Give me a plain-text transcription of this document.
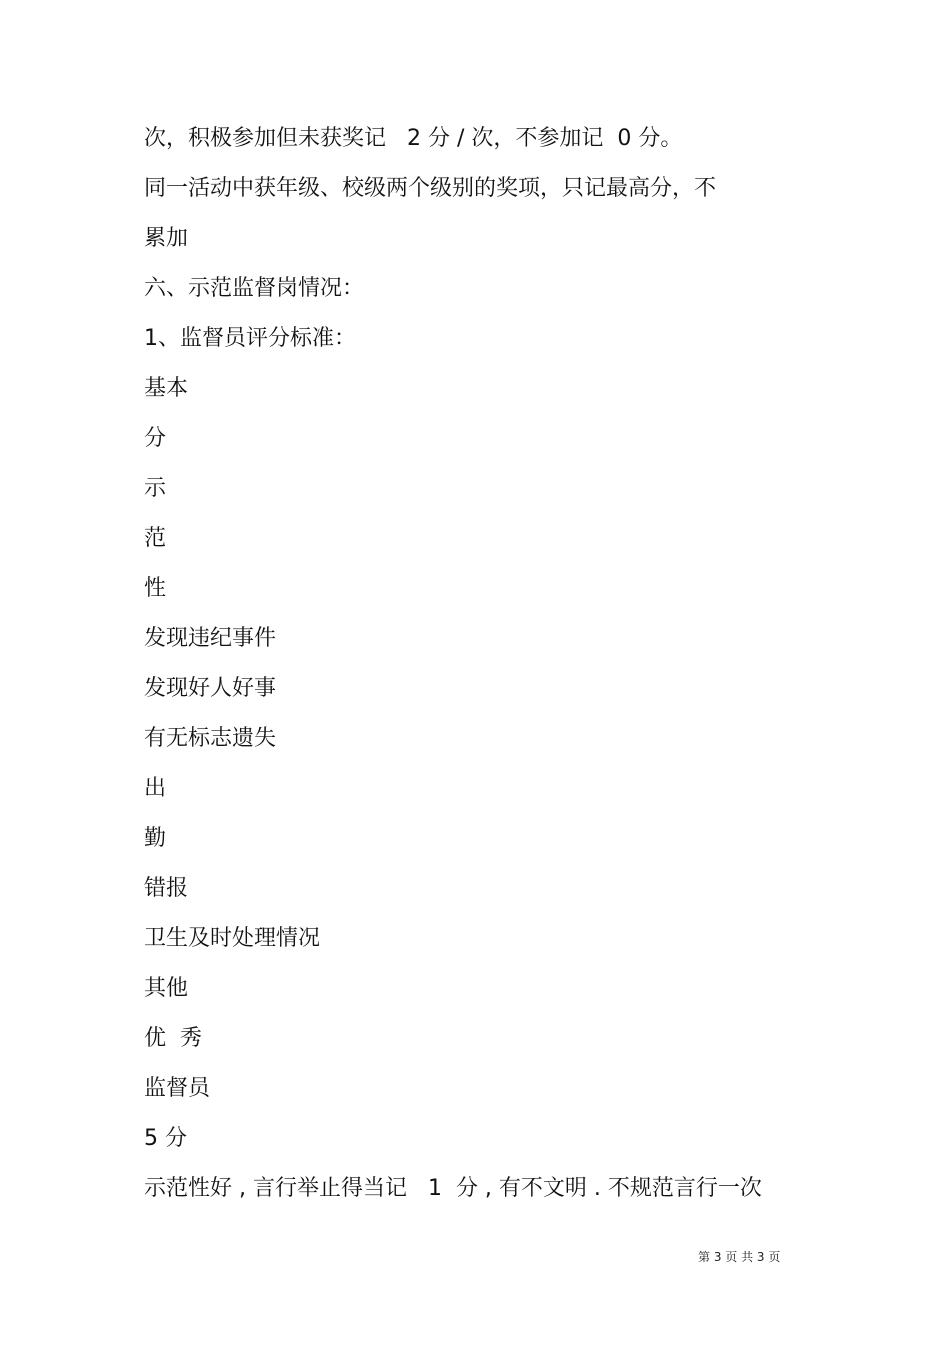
次，积极参加但未获奖记   2 分 / 次，不参加记  0 分。
同一活动中获年级、校级两个级别的奖项，只记最高分，不
累加
六、示范监督岗情况：
1、监督员评分标准：
基本
分
示
范
性
发现违纪事件
发现好人好事
有无标志遗失
出
勤
错报
卫生及时处理情况
其他
优  秀
监督员
5 分
示范性好 , 言行举止得当记   1  分 , 有不文明 . 不规范言行一次
第 3 页 共 3 页
